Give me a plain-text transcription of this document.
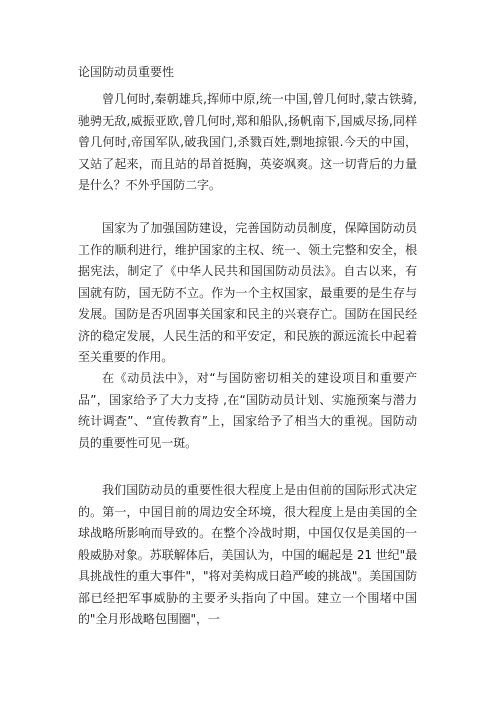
论国防动员重要性

曾几何时,秦朝雄兵,挥师中原,统一中国,曾几何时,蒙古铁骑,驰骋无敌,威振亚欧,曾几何时,郑和船队,扬帆南下,国威尽扬,同样曾几何时,帝国军队,破我国门,杀戮百姓,剽地掠银.今天的中国，又站了起来，而且站的昂首挺胸，英姿飒爽。这一切背后的力量是什么？不外乎国防二字。

国家为了加强国防建设，完善国防动员制度，保障国防动员工作的顺利进行，维护国家的主权、统一、领土完整和安全，根据宪法，制定了《中华人民共和国国防动员法》。自古以来，有国就有防，国无防不立。作为一个主权国家，最重要的是生存与发展。国防是否巩固事关国家和民主的兴衰存亡。国防在国民经济的稳定发展，人民生活的和平安定，和民族的源远流长中起着至关重要的作用。

在《动员法中》，对“与国防密切相关的建设项目和重要产品”，国家给予了大力支持 ,在“国防动员计划、实施预案与潜力统计调查”、“宣传教育”上，国家给予了相当大的重视。国防动员的重要性可见一斑。

我们国防动员的重要性很大程度上是由但前的国际形式决定的。第一，中国目前的周边安全环境，很大程度上是由美国的全球战略所影响而导致的。在整个冷战时期，中国仅仅是美国的一般威胁对象。苏联解体后，美国认为，中国的崛起是 21 世纪"最具挑战性的重大事件"，"将对美构成日趋严峻的挑战"。美国国防部已经把军事威胁的主要矛头指向了中国。建立一个围堵中国的"全月形战略包围圈"，一
